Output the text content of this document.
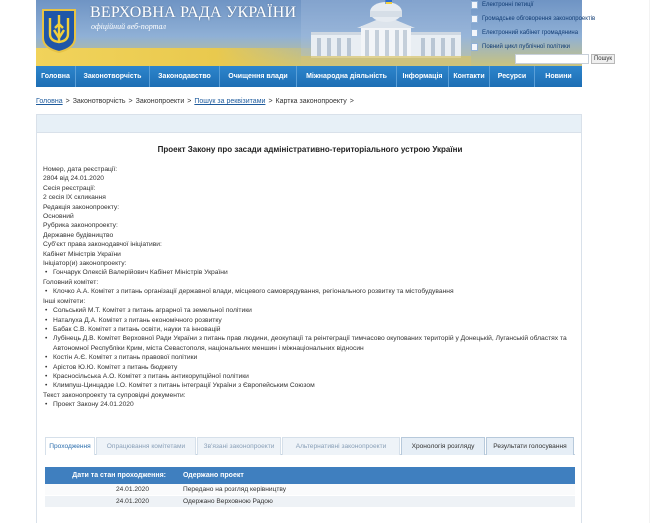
ВЕРХОВНА РАДА УКРАЇНИ
офіційний веб-портал
Електронні петиції
Громадське обговорення законопроектів
Електронний кабінет громадянина
Повний цикл публічної політики
Пошук
Головна	Законотворчість	Законодавство	Очищення влади	Міжнародна діяльність	Інформація	Контакти	Ресурси	Новини
Головна > Законотворчість > Законопроекти > Пошук за реквізитами > Картка законопроекту >
Проект Закону про засади адміністративно-територіального устрою України
Номер, дата реєстрації:
2804 від 24.01.2020
Сесія реєстрації:
2 сесія IX скликання
Редакція законопроекту:
Основний
Рубрика законопроекту:
Державне будівництво
Суб'єкт права законодавчої ініціативи:
Кабінет Міністрів України
Ініціатор(и) законопроекту:
• Гончарук Олексій Валерійович Кабінет Міністрів України
Головний комітет:
• Клочко А.А. Комітет з питань організації державної влади, місцевого самоврядування, регіонального розвитку та містобудування
Інші комітети:
• Сольський М.Т. Комітет з питань аграрної та земельної політики
• Наталуха Д.А. Комітет з питань економічного розвитку
• Бабак С.В. Комітет з питань освіти, науки та інновацій
• Лубінець Д.В. Комітет Верховної Ради України з питань прав людини, деокупації та реінтеграції тимчасово окупованих територій у Донецькій, Луганській областях та Автономної Республіки Крим, міста Севастополя, національних меншин і міжнаціональних відносин
• Костін А.Є. Комітет з питань правової політики
• Арістов Ю.Ю. Комітет з питань бюджету
• Красносільська А.О. Комітет з питань антикорупційної політики
• Климпуш-Цинцадзе І.О. Комітет з питань інтеграції України з Європейським Союзом
Текст законопроекту та супровідні документи:
• Проект Закону 24.01.2020
Проходження	Опрацювання комітетами	Зв'язані законопроекти	Альтернативні законопроекти	Хронологія розгляду	Результати голосування
Дати та стан проходження:	Одержано проект
24.01.2020	Передано на розгляд керівництву
24.01.2020	Одержано Верховною Радою
